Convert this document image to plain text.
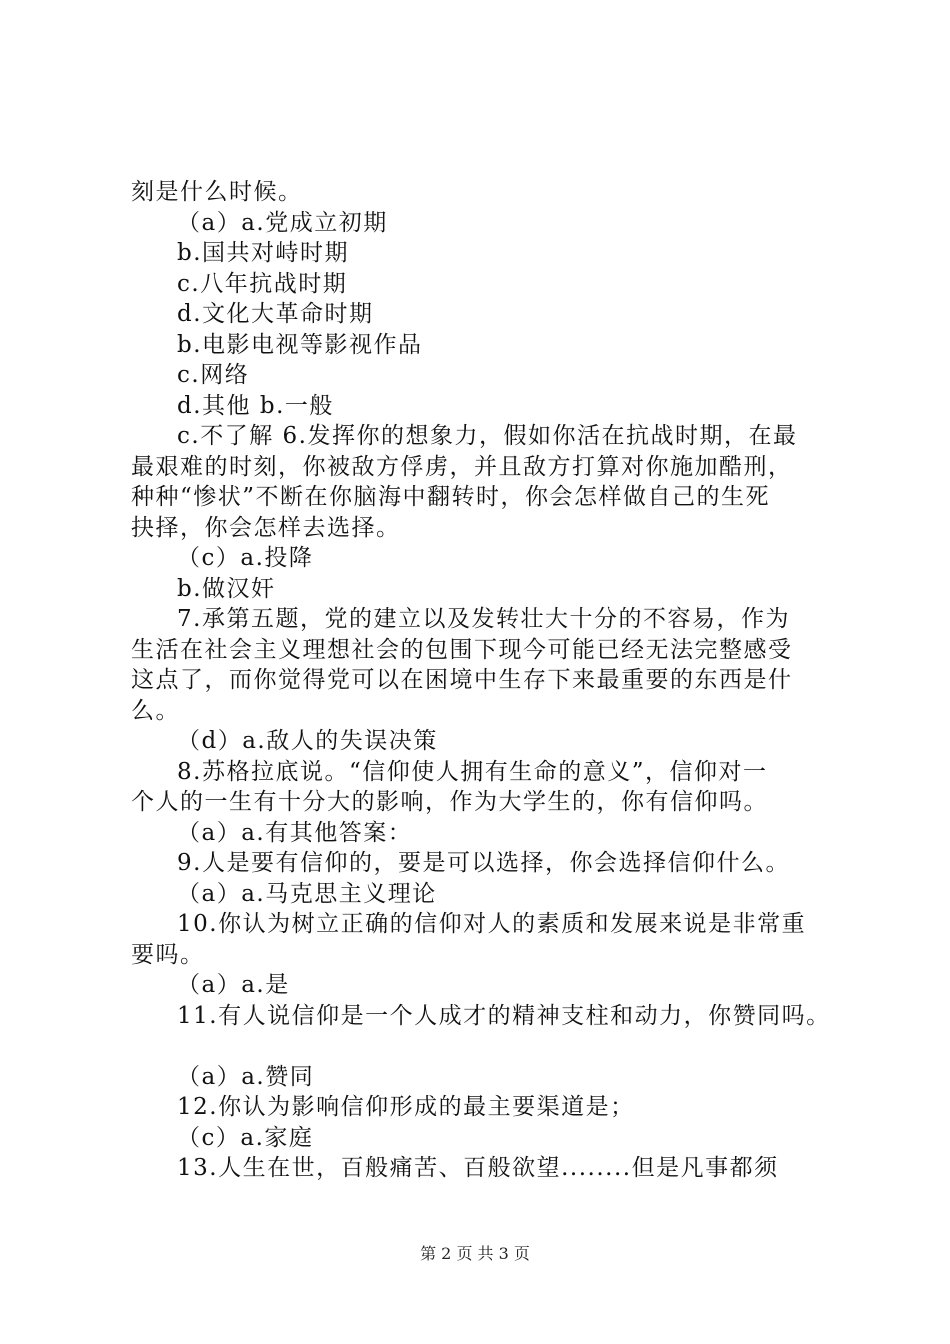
刻是什么时候。
（a）a.党成立初期
b.国共对峙时期
c.八年抗战时期
d.文化大革命时期
b.电影电视等影视作品
c.网络
d.其他 b.一般
c.不了解 6.发挥你的想象力，假如你活在抗战时期，在最
最艰难的时刻，你被敌方俘虏，并且敌方打算对你施加酷刑，
种种“惨状”不断在你脑海中翻转时，你会怎样做自己的生死
抉择，你会怎样去选择。
（c）a.投降
b.做汉奸
7.承第五题，党的建立以及发转壮大十分的不容易，作为
生活在社会主义理想社会的包围下现今可能已经无法完整感受
这点了，而你觉得党可以在困境中生存下来最重要的东西是什
么。
（d）a.敌人的失误决策
8.苏格拉底说。“信仰使人拥有生命的意义”，信仰对一
个人的一生有十分大的影响，作为大学生的，你有信仰吗。
（a）a.有其他答案：
9.人是要有信仰的，要是可以选择，你会选择信仰什么。
（a）a.马克思主义理论
10.你认为树立正确的信仰对人的素质和发展来说是非常重
要吗。
（a）a.是
11.有人说信仰是一个人成才的精神支柱和动力，你赞同吗。
（a）a.赞同
12.你认为影响信仰形成的最主要渠道是；
（c）a.家庭
13.人生在世，百般痛苦、百般欲望........但是凡事都须
第 2 页 共 3 页
